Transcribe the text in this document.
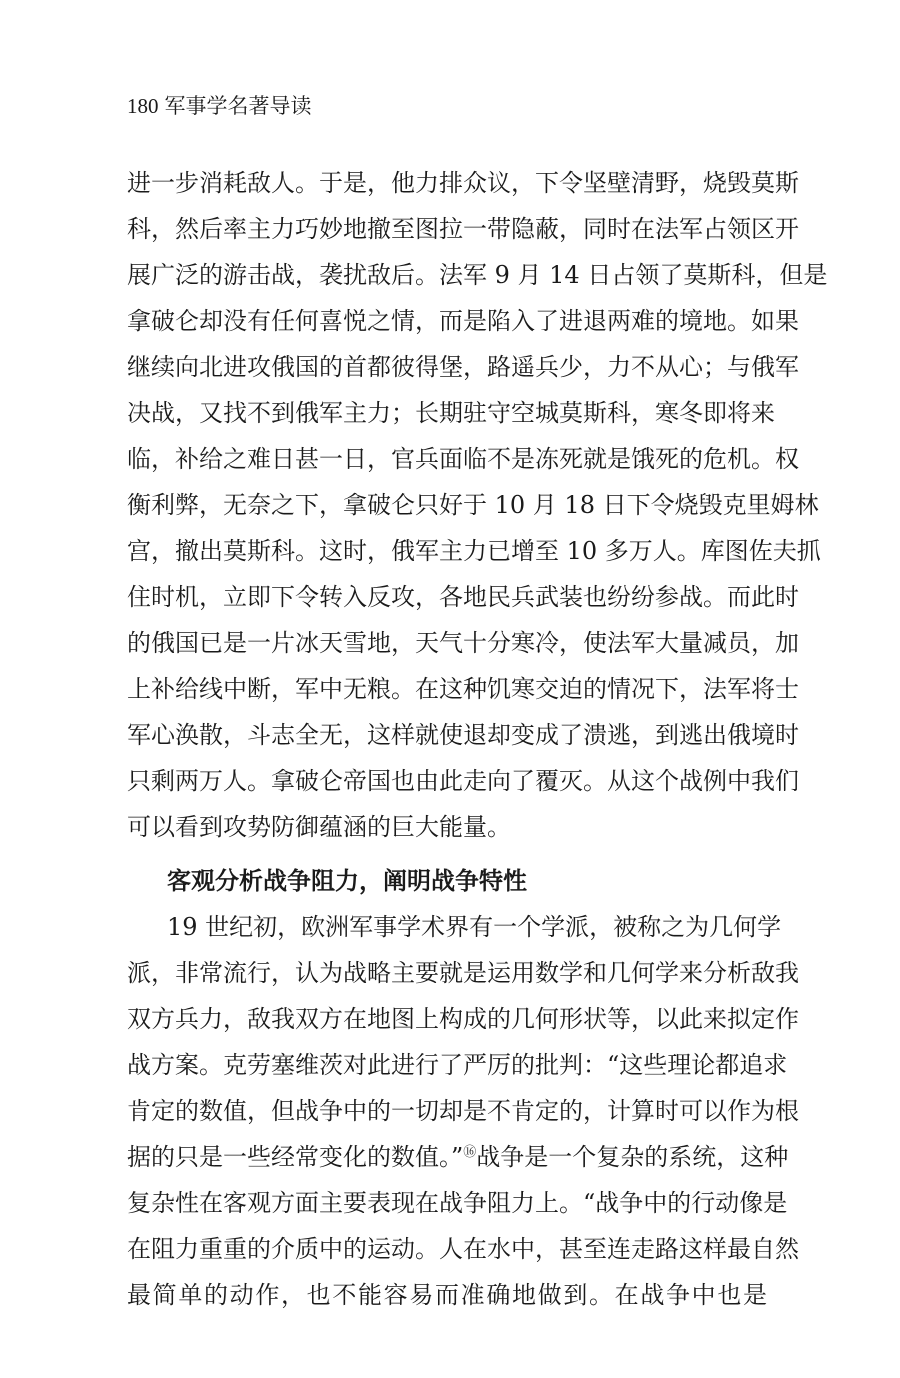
180 军事学名著导读
进一步消耗敌人。于是，他力排众议，下令坚壁清野，烧毁莫斯
科，然后率主力巧妙地撤至图拉一带隐蔽，同时在法军占领区开
展广泛的游击战，袭扰敌后。法军 9 月 14 日占领了莫斯科，但是
拿破仑却没有任何喜悦之情，而是陷入了进退两难的境地。如果
继续向北进攻俄国的首都彼得堡，路遥兵少，力不从心；与俄军
决战，又找不到俄军主力；长期驻守空城莫斯科，寒冬即将来
临，补给之难日甚一日，官兵面临不是冻死就是饿死的危机。权
衡利弊，无奈之下，拿破仑只好于 10 月 18 日下令烧毁克里姆林
宫，撤出莫斯科。这时，俄军主力已增至 10 多万人。库图佐夫抓
住时机，立即下令转入反攻，各地民兵武装也纷纷参战。而此时
的俄国已是一片冰天雪地，天气十分寒冷，使法军大量减员，加
上补给线中断，军中无粮。在这种饥寒交迫的情况下，法军将士
军心涣散，斗志全无，这样就使退却变成了溃逃，到逃出俄境时
只剩两万人。拿破仑帝国也由此走向了覆灭。从这个战例中我们
可以看到攻势防御蕴涵的巨大能量。
客观分析战争阻力，阐明战争特性
19 世纪初，欧洲军事学术界有一个学派，被称之为几何学
派，非常流行，认为战略主要就是运用数学和几何学来分析敌我
双方兵力，敌我双方在地图上构成的几何形状等，以此来拟定作
战方案。克劳塞维茨对此进行了严厉的批判：“这些理论都追求
肯定的数值，但战争中的一切却是不肯定的，计算时可以作为根
据的只是一些经常变化的数值。”⑯战争是一个复杂的系统，这种
复杂性在客观方面主要表现在战争阻力上。“战争中的行动像是
在阻力重重的介质中的运动。人在水中，甚至连走路这样最自然
最简单的动作，也不能容易而准确地做到。在战争中也是
